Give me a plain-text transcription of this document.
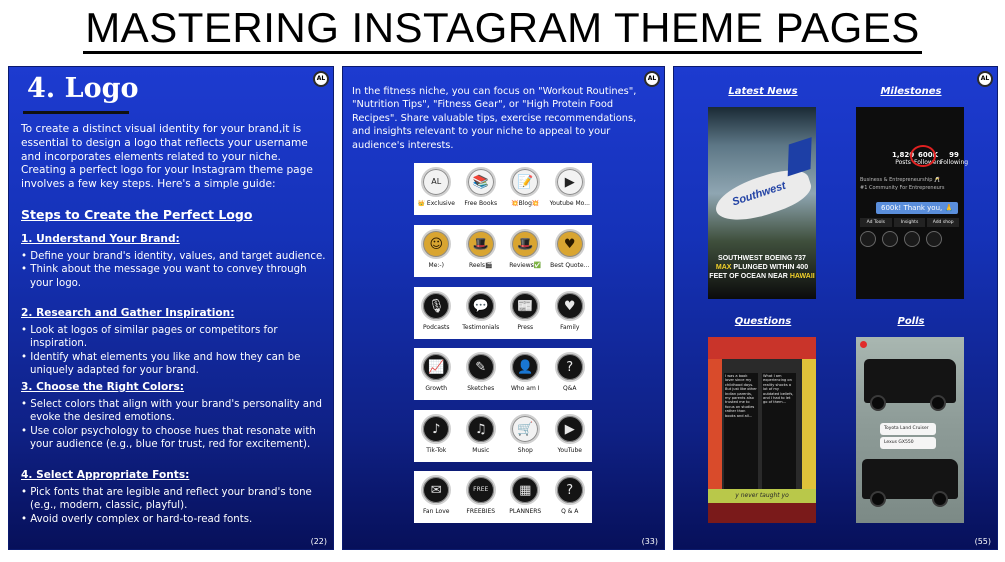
MASTERING INSTAGRAM THEME PAGES
AL
4. Logo
To create a distinct visual identity for your brand,it is essential to design a logo that reflects your username and incorporates elements related to your niche. Creating a perfect logo for your Instagram theme page involves a few key steps. Here's a simple guide:
Steps to Create the Perfect Logo
1. Understand Your Brand:
• Define your brand's identity, values, and target audience.
• Think about the message you want to convey through your logo.
2. Research and Gather Inspiration:
• Look at logos of similar pages or competitors for inspiration.
• Identify what elements you like and how they can be uniquely adapted for your brand.
3. Choose the Right Colors:
• Select colors that align with your brand's personality and evoke the desired emotions.
• Use color psychology to choose hues that resonate with your audience (e.g., blue for trust, red for excitement).
4. Select Appropriate Fonts:
• Pick fonts that are legible and reflect your brand's tone (e.g., modern, classic, playful).
• Avoid overly complex or hard-to-read fonts.
(22)
AL
In the fitness niche, you can focus on "Workout Routines", "Nutrition Tips", "Fitness Gear", or "High Protein Food Recipes". Share valuable tips, exercise recommendations, and insights relevant to your niche to appeal to your audience's interests.
AL
👑 Exclusive
📚
Free Books
📝
💥Blog💥
▶
Youtube Mo...
☺
Me:-)
🎩
Reels🎬
🎩
Reviews✅
♥
Best Quote...
🎙
Podcasts
💬
Testimonials
📰
Press
♥
Family
📈
Growth
✎
Sketches
👤
Who am I
?
Q&A
♪
Tik-Tok
♫
Music
🛒
Shop
▶
YouTube
✉
Fan Love
FREE
FREEBIES
▦
PLANNERS
?
Q & A
(33)
AL
Latest News	Milestones
Questions	Polls
Southwest
SOUTHWEST BOEING 737
MAX PLUNGED WITHIN 400
FEET OF OCEAN NEAR HAWAII
1,820
Posts
600K
Followers
99
Following
Business & Entrepreneurship 🥂
#1 Community For Entrepreneurs
600k! Thank you, 🙏
Ad Tools	Insights	Add shop
I was a book lover since my childhood days. But just like other Indian parents, my parents also trusted me to focus on studies rather than books and all...
What I am experiencing on reality shocks a lot of my outdated beliefs, and I had to let go of them...
y never taught yo
Toyota Land Cruiser
Lexus GX550
(55)
